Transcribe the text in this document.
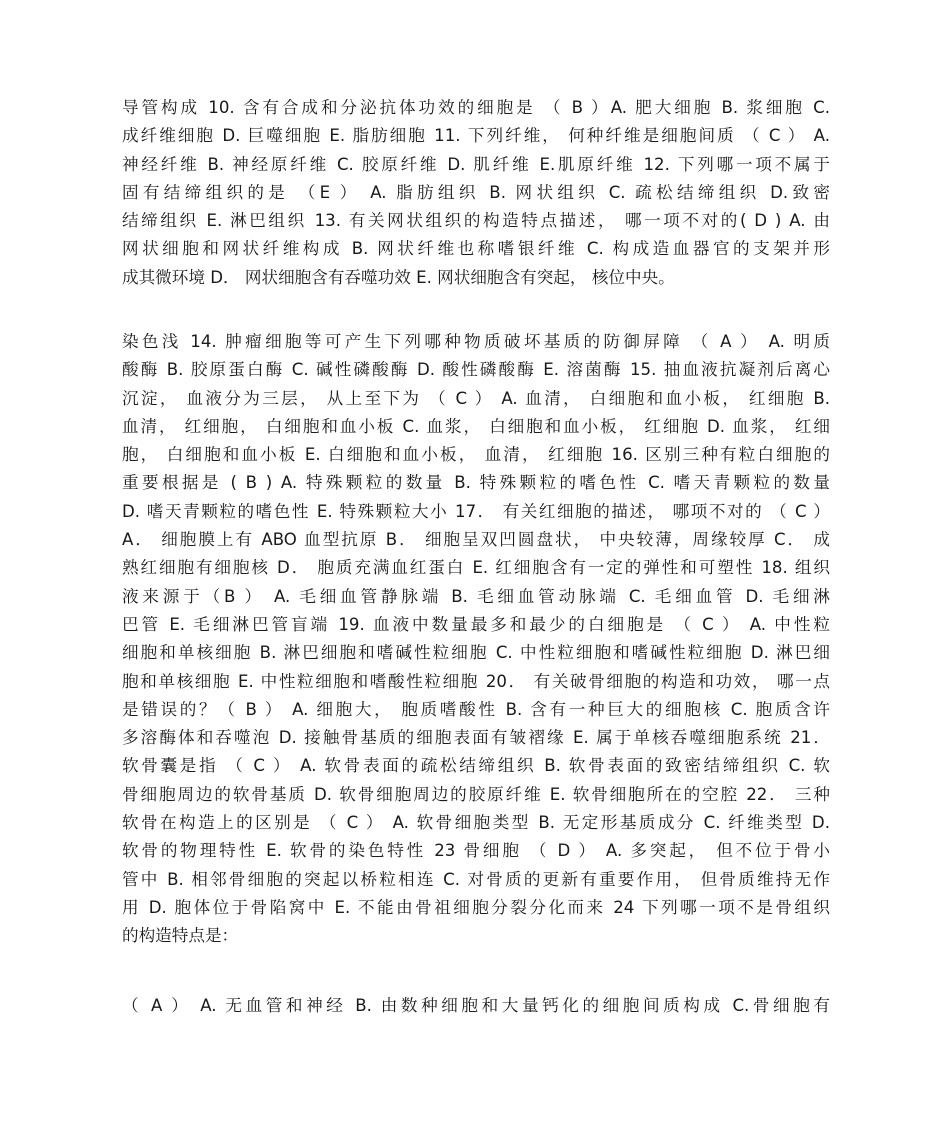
导管构成 10. 含有合成和分泌抗体功效的细胞是 （ B ）A. 肥大细胞 B. 浆细胞 C.
成纤维细胞 D. 巨噬细胞 E. 脂肪细胞 11. 下列纤维， 何种纤维是细胞间质 （ C ） A.
神经纤维 B. 神经原纤维 C. 胶原纤维 D. 肌纤维 E.肌原纤维 12. 下列哪一项不属于
固有结缔组织的是 （E ） A. 脂肪组织 B. 网状组织 C. 疏松结缔组织 D.致密
结缔组织 E. 淋巴组织 13. 有关网状组织的构造特点描述， 哪一项不对的( D ) A. 由
网状细胞和网状纤维构成 B. 网状纤维也称嗜银纤维 C. 构成造血器官的支架并形
成其微环境 D． 网状细胞含有吞噬功效 E. 网状细胞含有突起， 核位中央。
染色浅 14. 肿瘤细胞等可产生下列哪种物质破坏基质的防御屏障 （ A ） A. 明质
酸酶 B. 胶原蛋白酶 C. 碱性磷酸酶 D. 酸性磷酸酶 E. 溶菌酶 15. 抽血液抗凝剂后离心
沉淀， 血液分为三层， 从上至下为 （ C ） A. 血清， 白细胞和血小板， 红细胞 B.
血清， 红细胞， 白细胞和血小板 C. 血浆， 白细胞和血小板， 红细胞 D. 血浆， 红细
胞， 白细胞和血小板 E. 白细胞和血小板， 血清， 红细胞 16. 区别三种有粒白细胞的
重要根据是 ( B ) A. 特殊颗粒的数量 B. 特殊颗粒的嗜色性 C. 嗜天青颗粒的数量
D. 嗜天青颗粒的嗜色性 E. 特殊颗粒大小 17． 有关红细胞的描述， 哪项不对的 （ C ）
A． 细胞膜上有 ABO 血型抗原 B． 细胞呈双凹圆盘状， 中央较薄，周缘较厚 C． 成
熟红细胞有细胞核 D． 胞质充满血红蛋白 E. 红细胞含有一定的弹性和可塑性 18. 组织
液来源于（B ） A. 毛细血管静脉端 B. 毛细血管动脉端 C. 毛细血管 D. 毛细淋
巴管 E. 毛细淋巴管盲端 19. 血液中数量最多和最少的白细胞是 （ C ） A. 中性粒
细胞和单核细胞 B. 淋巴细胞和嗜碱性粒细胞 C. 中性粒细胞和嗜碱性粒细胞 D. 淋巴细
胞和单核细胞 E. 中性粒细胞和嗜酸性粒细胞 20． 有关破骨细胞的构造和功效， 哪一点
是错误的？（ B ） A. 细胞大， 胞质嗜酸性 B. 含有一种巨大的细胞核 C. 胞质含许
多溶酶体和吞噬泡 D. 接触骨基质的细胞表面有皱褶缘 E. 属于单核吞噬细胞系统 21．
软骨囊是指 （ C ） A. 软骨表面的疏松结缔组织 B. 软骨表面的致密结缔组织 C. 软
骨细胞周边的软骨基质 D. 软骨细胞周边的胶原纤维 E. 软骨细胞所在的空腔 22． 三种
软骨在构造上的区别是 （ C ） A. 软骨细胞类型 B. 无定形基质成分 C. 纤维类型 D.
软骨的物理特性 E. 软骨的染色特性 23 骨细胞 （ D ） A. 多突起， 但不位于骨小
管中 B. 相邻骨细胞的突起以桥粒相连 C. 对骨质的更新有重要作用， 但骨质维持无作
用 D. 胞体位于骨陷窝中 E. 不能由骨祖细胞分裂分化而来 24 下列哪一项不是骨组织
的构造特点是：
（ A ） A. 无血管和神经 B. 由数种细胞和大量钙化的细胞间质构成 C.骨细胞有
